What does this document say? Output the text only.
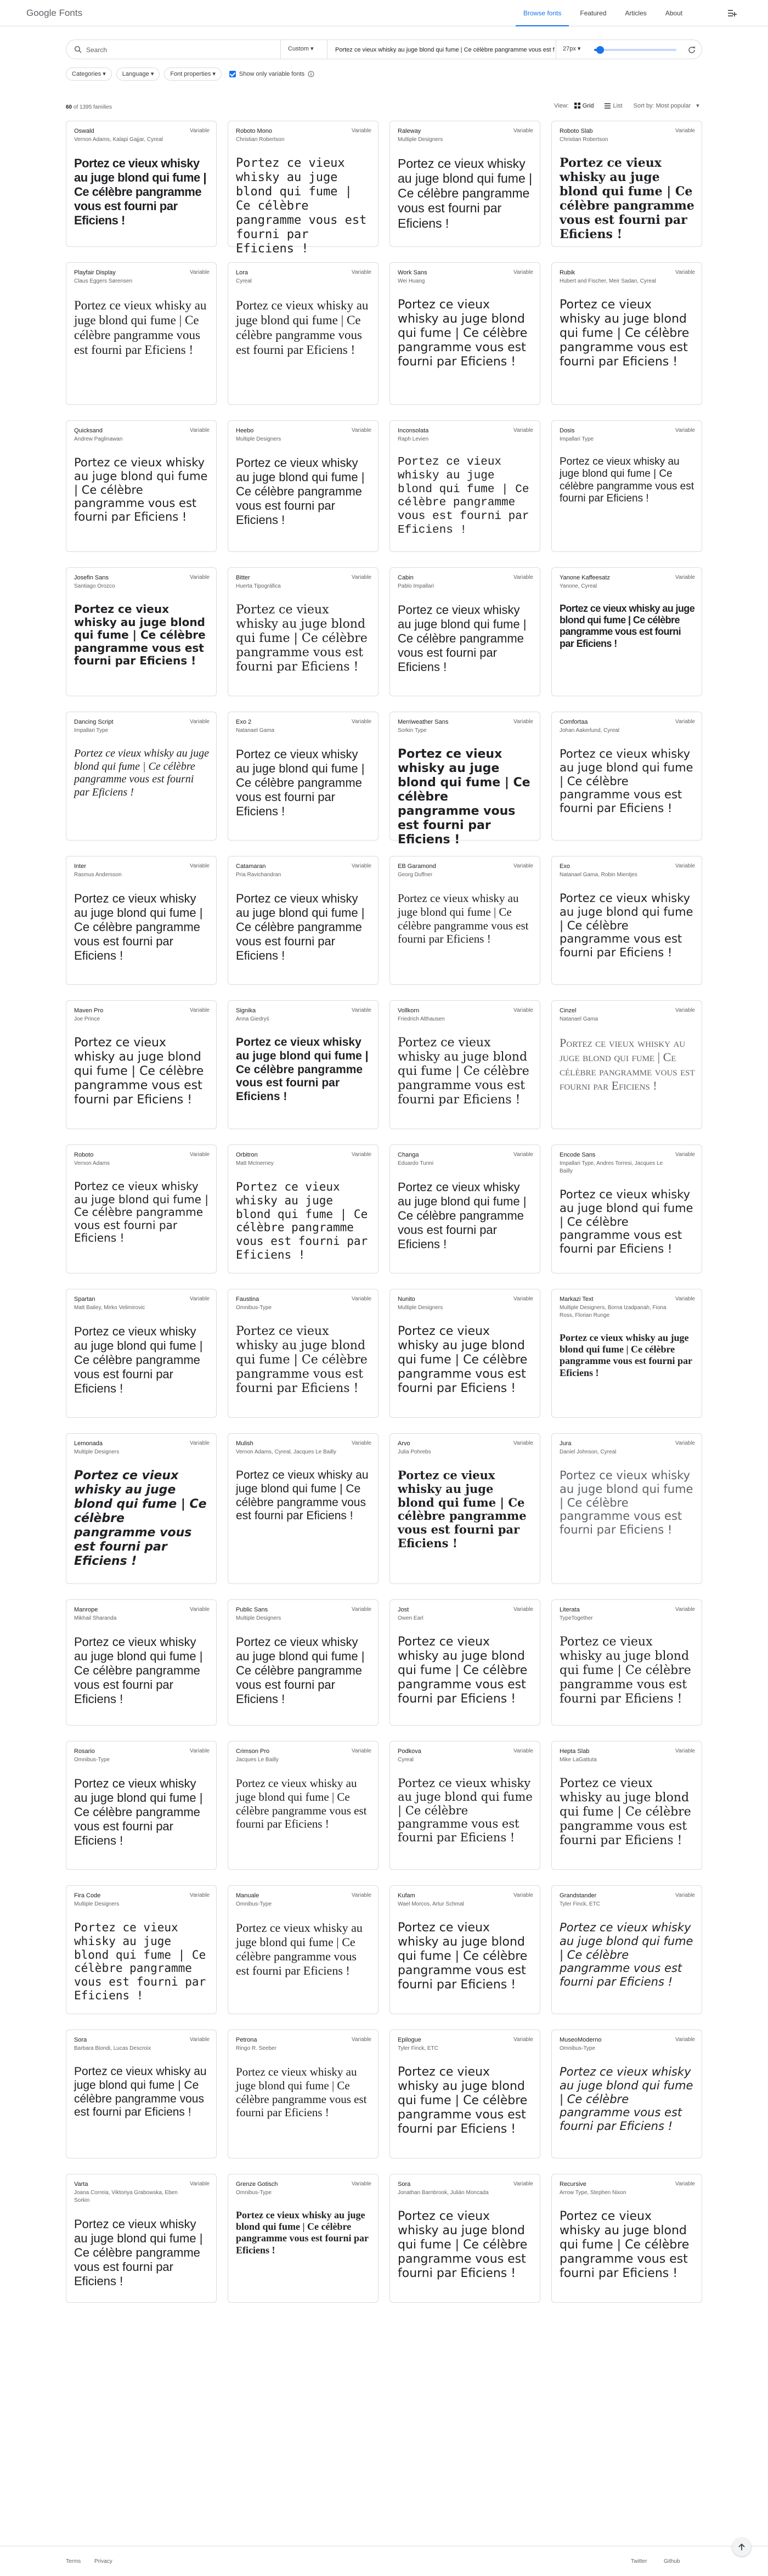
Google Fonts	Browse fonts	Featured	Articles	About
Search
Custom ▾
Portez ce vieux whisky au juge blond qui fume | Ce célèbre pangramme vous est fourni par Eficiens !	27px ▾
Categories ▾	Language ▾	Font properties ▾	Show only variable fonts
60 of 1395 families	View: Grid	List Sort by: Most popular ▾
Oswald	Variable
Vernon Adams, Kalapi Gajjar, Cyreal
Portez ce vieux whisky au juge blond qui fume | Ce célèbre pangramme vous est fourni par Eficiens !
Roboto Mono	Variable
Christian Robertson
Portez ce vieux whisky au juge blond qui fume | Ce célèbre pangramme vous est fourni par Eficiens !
Raleway	Variable
Multiple Designers
Portez ce vieux whisky au juge blond qui fume | Ce célèbre pangramme vous est fourni par Eficiens !
Roboto Slab	Variable
Christian Robertson
Portez ce vieux whisky au juge blond qui fume | Ce célèbre pangramme vous est fourni par Eficiens !
Playfair Display	Variable
Claus Eggers Sørensen
Portez ce vieux whisky au juge blond qui fume | Ce célèbre pangramme vous est fourni par Eficiens !
Lora	Variable
Cyreal
Portez ce vieux whisky au juge blond qui fume | Ce célèbre pangramme vous est fourni par Eficiens !
Work Sans	Variable
Wei Huang
Portez ce vieux whisky au juge blond qui fume | Ce célèbre pangramme vous est fourni par Eficiens !
Rubik	Variable
Hubert and Fischer, Meir Sadan, Cyreal
Portez ce vieux whisky au juge blond qui fume | Ce célèbre pangramme vous est fourni par Eficiens !
Quicksand	Variable
Andrew Paglinawan
Portez ce vieux whisky au juge blond qui fume | Ce célèbre pangramme vous est fourni par Eficiens !
Heebo	Variable
Multiple Designers
Portez ce vieux whisky au juge blond qui fume | Ce célèbre pangramme vous est fourni par Eficiens !
Inconsolata	Variable
Raph Levien
Portez ce vieux whisky au juge blond qui fume | Ce célèbre pangramme vous est fourni par Eficiens !
Dosis	Variable
Impallari Type
Portez ce vieux whisky au juge blond qui fume | Ce célèbre pangramme vous est fourni par Eficiens !
Josefin Sans	Variable
Santiago Orozco
Portez ce vieux whisky au juge blond qui fume | Ce célèbre pangramme vous est fourni par Eficiens !
Bitter	Variable
Huerta Tipográfica
Portez ce vieux whisky au juge blond qui fume | Ce célèbre pangramme vous est fourni par Eficiens !
Cabin	Variable
Pablo Impallari
Portez ce vieux whisky au juge blond qui fume | Ce célèbre pangramme vous est fourni par Eficiens !
Yanone Kaffeesatz	Variable
Yanone, Cyreal
Portez ce vieux whisky au juge blond qui fume | Ce célèbre pangramme vous est fourni par Eficiens !
Dancing Script	Variable
Impallari Type
Portez ce vieux whisky au juge blond qui fume | Ce célèbre pangramme vous est fourni par Eficiens !
Exo 2	Variable
Natanael Gama
Portez ce vieux whisky au juge blond qui fume | Ce célèbre pangramme vous est fourni par Eficiens !
Merriweather Sans	Variable
Sorkin Type
Portez ce vieux whisky au juge blond qui fume | Ce célèbre pangramme vous est fourni par Eficiens !
Comfortaa	Variable
Johan Aakerlund, Cyreal
Portez ce vieux whisky au juge blond qui fume | Ce célèbre pangramme vous est fourni par Eficiens !
Inter	Variable
Rasmus Andersson
Portez ce vieux whisky au juge blond qui fume | Ce célèbre pangramme vous est fourni par Eficiens !
Catamaran	Variable
Pria Ravichandran
Portez ce vieux whisky au juge blond qui fume | Ce célèbre pangramme vous est fourni par Eficiens !
EB Garamond	Variable
Georg Duffner
Portez ce vieux whisky au juge blond qui fume | Ce célèbre pangramme vous est fourni par Eficiens !
Exo	Variable
Natanael Gama, Robin Mientjes
Portez ce vieux whisky au juge blond qui fume | Ce célèbre pangramme vous est fourni par Eficiens !
Maven Pro	Variable
Joe Prince
Portez ce vieux whisky au juge blond qui fume | Ce célèbre pangramme vous est fourni par Eficiens !
Signika	Variable
Anna Giedryś
Portez ce vieux whisky au juge blond qui fume | Ce célèbre pangramme vous est fourni par Eficiens !
Vollkorn	Variable
Friedrich Althausen
Portez ce vieux whisky au juge blond qui fume | Ce célèbre pangramme vous est fourni par Eficiens !
Cinzel	Variable
Natanael Gama
Portez ce vieux whisky au juge blond qui fume | Ce célèbre pangramme vous est fourni par Eficiens !
Roboto	Variable
Vernon Adams
Portez ce vieux whisky au juge blond qui fume | Ce célèbre pangramme vous est fourni par Eficiens !
Orbitron	Variable
Matt McInerney
Portez ce vieux whisky au juge blond qui fume | Ce célèbre pangramme vous est fourni par Eficiens !
Changa	Variable
Eduardo Tunni
Portez ce vieux whisky au juge blond qui fume | Ce célèbre pangramme vous est fourni par Eficiens !
Encode Sans	Variable
Impallari Type, Andres Torresi, Jacques Le Bailly
Portez ce vieux whisky au juge blond qui fume | Ce célèbre pangramme vous est fourni par Eficiens !
Spartan	Variable
Matt Bailey, Mirko Velimirovic
Portez ce vieux whisky au juge blond qui fume | Ce célèbre pangramme vous est fourni par Eficiens !
Faustina	Variable
Omnibus-Type
Portez ce vieux whisky au juge blond qui fume | Ce célèbre pangramme vous est fourni par Eficiens !
Nunito	Variable
Multiple Designers
Portez ce vieux whisky au juge blond qui fume | Ce célèbre pangramme vous est fourni par Eficiens !
Markazi Text	Variable
Multiple Designers, Borna Izadpanah, Fiona Ross, Florian Runge
Portez ce vieux whisky au juge blond qui fume | Ce célèbre pangramme vous est fourni par Eficiens !
Lemonada	Variable
Multiple Designers
Portez ce vieux whisky au juge blond qui fume | Ce célèbre pangramme vous est fourni par Eficiens !
Mulish	Variable
Vernon Adams, Cyreal, Jacques Le Bailly
Portez ce vieux whisky au juge blond qui fume | Ce célèbre pangramme vous est fourni par Eficiens !
Arvo	Variable
Julia Pohrebs
Portez ce vieux whisky au juge blond qui fume | Ce célèbre pangramme vous est fourni par Eficiens !
Jura	Variable
Daniel Johnson, Cyreal
Portez ce vieux whisky au juge blond qui fume | Ce célèbre pangramme vous est fourni par Eficiens !
Manrope	Variable
Mikhail Sharanda
Portez ce vieux whisky au juge blond qui fume | Ce célèbre pangramme vous est fourni par Eficiens !
Public Sans	Variable
Multiple Designers
Portez ce vieux whisky au juge blond qui fume | Ce célèbre pangramme vous est fourni par Eficiens !
Jost	Variable
Owen Earl
Portez ce vieux whisky au juge blond qui fume | Ce célèbre pangramme vous est fourni par Eficiens !
Literata	Variable
TypeTogether
Portez ce vieux whisky au juge blond qui fume | Ce célèbre pangramme vous est fourni par Eficiens !
Rosario	Variable
Omnibus-Type
Portez ce vieux whisky au juge blond qui fume | Ce célèbre pangramme vous est fourni par Eficiens !
Crimson Pro	Variable
Jacques Le Bailly
Portez ce vieux whisky au juge blond qui fume | Ce célèbre pangramme vous est fourni par Eficiens !
Podkova	Variable
Cyreal
Portez ce vieux whisky au juge blond qui fume | Ce célèbre pangramme vous est fourni par Eficiens !
Hepta Slab	Variable
Mike LaGattuta
Portez ce vieux whisky au juge blond qui fume | Ce célèbre pangramme vous est fourni par Eficiens !
Fira Code	Variable
Multiple Designers
Portez ce vieux whisky au juge blond qui fume | Ce célèbre pangramme vous est fourni par Eficiens !
Manuale	Variable
Omnibus-Type
Portez ce vieux whisky au juge blond qui fume | Ce célèbre pangramme vous est fourni par Eficiens !
Kufam	Variable
Wael Morcos, Artur Schmal
Portez ce vieux whisky au juge blond qui fume | Ce célèbre pangramme vous est fourni par Eficiens !
Grandstander	Variable
Tyler Finck, ETC
Portez ce vieux whisky au juge blond qui fume | Ce célèbre pangramme vous est fourni par Eficiens !
Sora	Variable
Barbara Biondi, Lucas Descroix
Portez ce vieux whisky au juge blond qui fume | Ce célèbre pangramme vous est fourni par Eficiens !
Petrona	Variable
Ringo R. Seeber
Portez ce vieux whisky au juge blond qui fume | Ce célèbre pangramme vous est fourni par Eficiens !
Epilogue	Variable
Tyler Finck, ETC
Portez ce vieux whisky au juge blond qui fume | Ce célèbre pangramme vous est fourni par Eficiens !
MuseoModerno	Variable
Omnibus-Type
Portez ce vieux whisky au juge blond qui fume | Ce célèbre pangramme vous est fourni par Eficiens !
Varta	Variable
Joana Correia, Viktoriya Grabowska, Eben Sorkin
Portez ce vieux whisky au juge blond qui fume | Ce célèbre pangramme vous est fourni par Eficiens !
Grenze Gotisch	Variable
Omnibus-Type
Portez ce vieux whisky au juge blond qui fume | Ce célèbre pangramme vous est fourni par Eficiens !
Sora	Variable
Jonathan Barnbrook, Julián Moncada
Portez ce vieux whisky au juge blond qui fume | Ce célèbre pangramme vous est fourni par Eficiens !
Recursive	Variable
Arrow Type, Stephen Nixon
Portez ce vieux whisky au juge blond qui fume | Ce célèbre pangramme vous est fourni par Eficiens !
Terms Privacy	Twitter	Github
